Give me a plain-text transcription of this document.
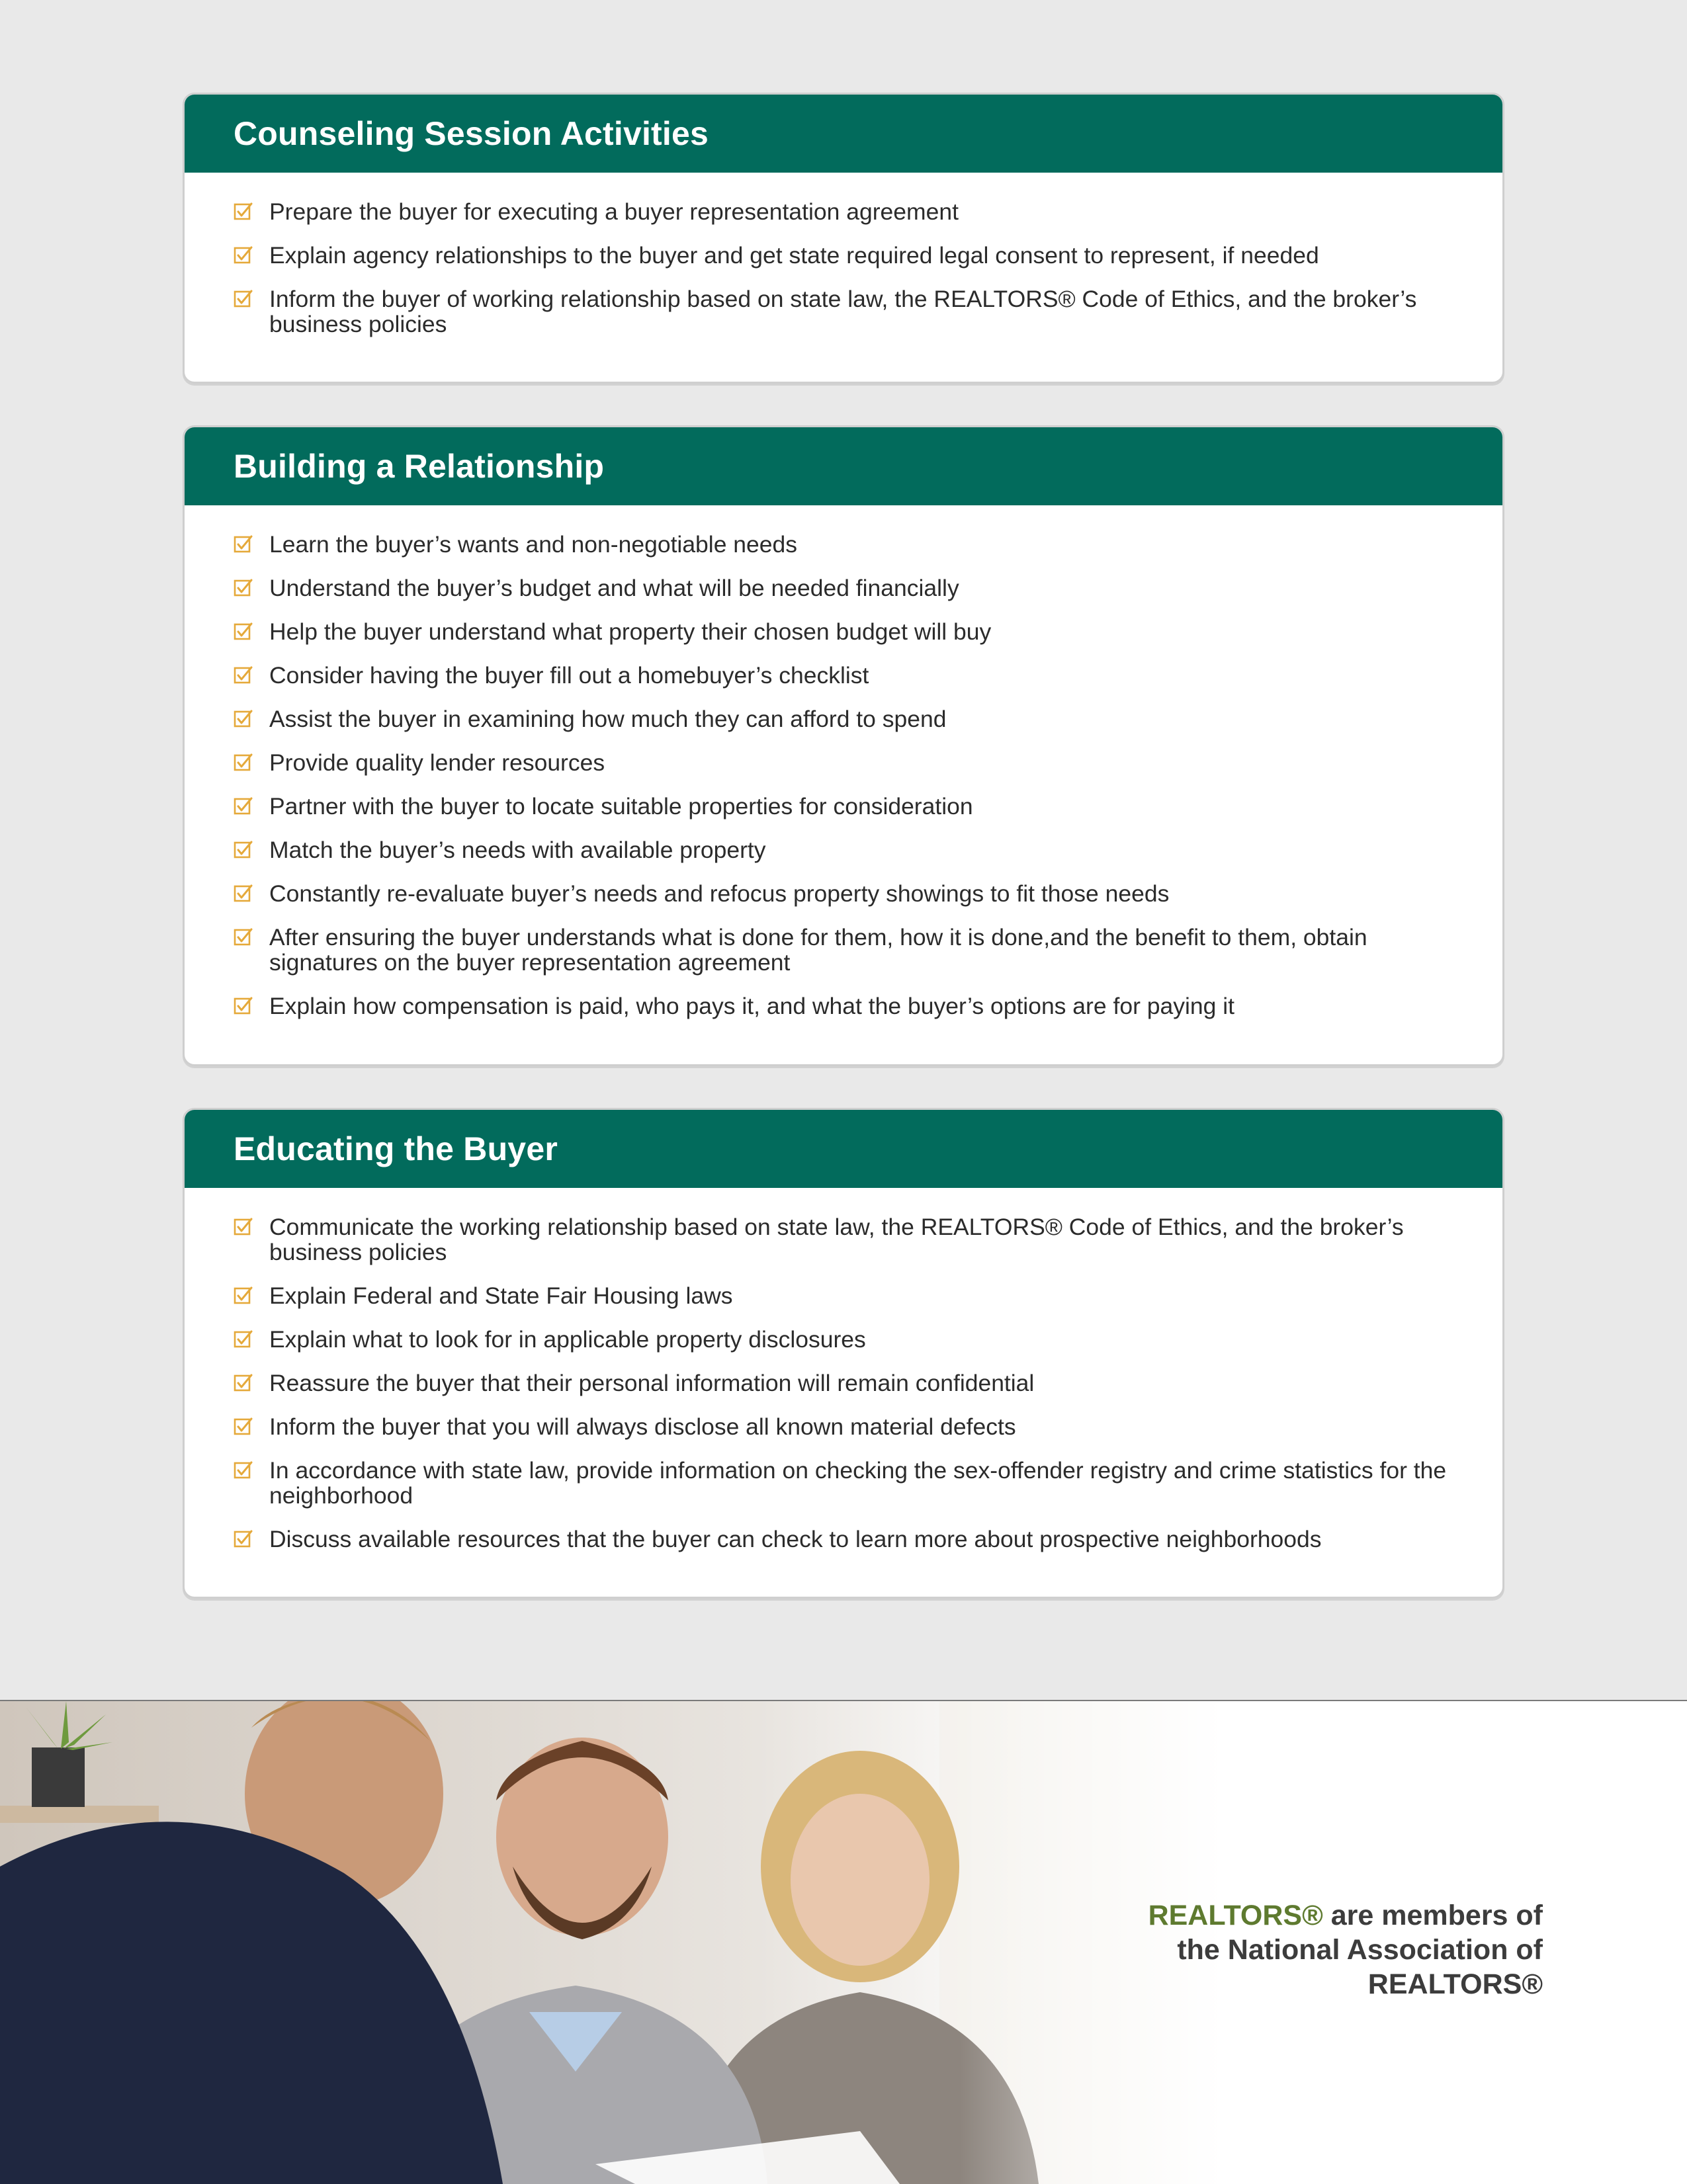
Counseling Session Activities
Prepare the buyer for executing a buyer representation agreement
Explain agency relationships to the buyer and get state required legal consent to represent, if needed
Inform the buyer of working relationship based on state law, the REALTORS® Code of Ethics, and the broker’s business policies
Building a Relationship
Learn the buyer’s wants and non-negotiable needs
Understand the buyer’s budget and what will be needed financially
Help the buyer understand what property their chosen budget will buy
Consider having the buyer fill out a homebuyer’s checklist
Assist the buyer in examining how much they can afford to spend
Provide quality lender resources
Partner with the buyer to locate suitable properties for consideration
Match the buyer’s needs with available property
Constantly re-evaluate buyer’s needs and refocus property showings to fit those needs
After ensuring the buyer understands what is done for them, how it is done,and the benefit to them, obtain signatures on the buyer representation agreement
Explain how compensation is paid, who pays it, and what the buyer’s options are for paying it
Educating the Buyer
Communicate the working relationship based on state law, the REALTORS® Code of Ethics, and the broker’s business policies
Explain Federal and State Fair Housing laws
Explain what to look for in applicable property disclosures
Reassure the buyer that their personal information will remain confidential
Inform the buyer that you will always disclose all known material defects
In accordance with state law, provide information on checking the sex-offender registry and crime statistics for the neighborhood
Discuss available resources that the buyer can check to learn more about prospective neighborhoods
REALTORS® are members of
the National Association of
REALTORS®
